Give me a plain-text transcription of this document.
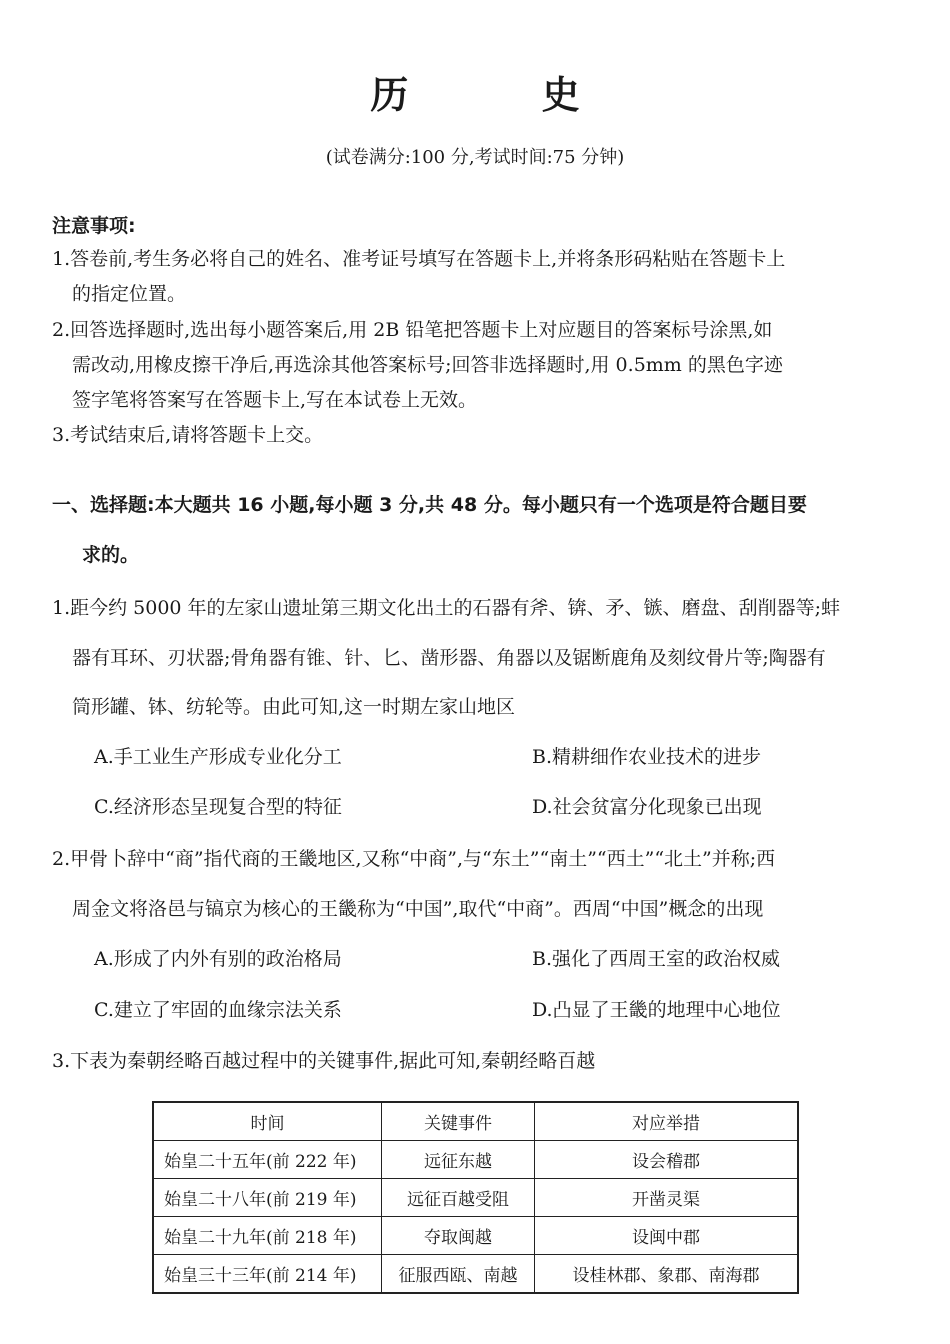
历 史
(试卷满分:100 分,考试时间:75 分钟)
注意事项:
1.答卷前,考生务必将自己的姓名、准考证号填写在答题卡上,并将条形码粘贴在答题卡上
的指定位置。
2.回答选择题时,选出每小题答案后,用 2B 铅笔把答题卡上对应题目的答案标号涂黑,如
需改动,用橡皮擦干净后,再选涂其他答案标号;回答非选择题时,用 0.5mm 的黑色字迹
签字笔将答案写在答题卡上,写在本试卷上无效。
3.考试结束后,请将答题卡上交。
一、选择题:本大题共 16 小题,每小题 3 分,共 48 分。每小题只有一个选项是符合题目要
求的。
1.距今约 5000 年的左家山遗址第三期文化出土的石器有斧、锛、矛、镞、磨盘、刮削器等;蚌
器有耳环、刃状器;骨角器有锥、针、匕、凿形器、角器以及锯断鹿角及刻纹骨片等;陶器有
筒形罐、钵、纺轮等。由此可知,这一时期左家山地区
A.手工业生产形成专业化分工	B.精耕细作农业技术的进步
C.经济形态呈现复合型的特征	D.社会贫富分化现象已出现
2.甲骨卜辞中“商”指代商的王畿地区,又称“中商”,与“东土”“南土”“西土”“北土”并称;西
周金文将洛邑与镐京为核心的王畿称为“中国”,取代“中商”。西周“中国”概念的出现
A.形成了内外有别的政治格局	B.强化了西周王室的政治权威
C.建立了牢固的血缘宗法关系	D.凸显了王畿的地理中心地位
3.下表为秦朝经略百越过程中的关键事件,据此可知,秦朝经略百越
时间	关键事件	对应举措
始皇二十五年(前 222 年)	远征东越	设会稽郡
始皇二十八年(前 219 年)	远征百越受阻	开凿灵渠
始皇二十九年(前 218 年)	夺取闽越	设闽中郡
始皇三十三年(前 214 年)	征服西瓯、南越	设桂林郡、象郡、南海郡
